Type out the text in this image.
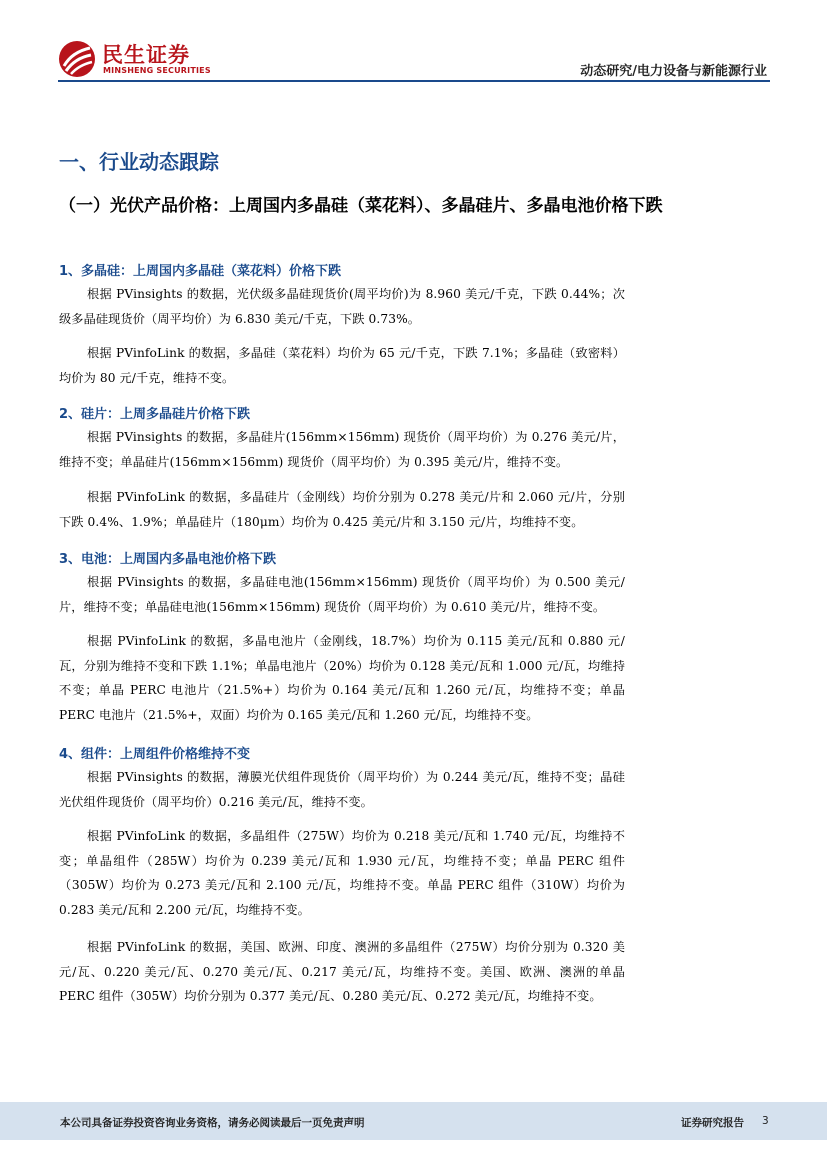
民生证券
MINSHENG SECURITIES	动态研究/电力设备与新能源行业
一、行业动态跟踪
（一）光伏产品价格：上周国内多晶硅（菜花料）、多晶硅片、多晶电池价格下跌
1、多晶硅：上周国内多晶硅（菜花料）价格下跌
根据 PVinsights 的数据，光伏级多晶硅现货价(周平均价)为 8.960 美元/千克，下跌 0.44%；次级多晶硅现货价（周平均价）为 6.830 美元/千克，下跌 0.73%。
根据 PVinfoLink 的数据，多晶硅（菜花料）均价为 65 元/千克，下跌 7.1%；多晶硅（致密料）均价为 80 元/千克，维持不变。
2、硅片：上周多晶硅片价格下跌
根据 PVinsights 的数据，多晶硅片(156mm×156mm) 现货价（周平均价）为 0.276 美元/片，维持不变；单晶硅片(156mm×156mm) 现货价（周平均价）为 0.395 美元/片，维持不变。
根据 PVinfoLink 的数据，多晶硅片（金刚线）均价分别为 0.278 美元/片和 2.060 元/片，分别下跌 0.4%、1.9%；单晶硅片（180μm）均价为 0.425 美元/片和 3.150 元/片，均维持不变。
3、电池：上周国内多晶电池价格下跌
根据 PVinsights 的数据，多晶硅电池(156mm×156mm) 现货价（周平均价）为 0.500 美元/片，维持不变；单晶硅电池(156mm×156mm) 现货价（周平均价）为 0.610 美元/片，维持不变。
根据 PVinfoLink 的数据，多晶电池片（金刚线，18.7%）均价为 0.115 美元/瓦和 0.880 元/瓦，分别为维持不变和下跌 1.1%；单晶电池片（20%）均价为 0.128 美元/瓦和 1.000 元/瓦，均维持不变；单晶 PERC 电池片（21.5%+）均价为 0.164 美元/瓦和 1.260 元/瓦，均维持不变；单晶 PERC 电池片（21.5%+，双面）均价为 0.165 美元/瓦和 1.260 元/瓦，均维持不变。
4、组件：上周组件价格维持不变
根据 PVinsights 的数据，薄膜光伏组件现货价（周平均价）为 0.244 美元/瓦，维持不变；晶硅光伏组件现货价（周平均价）0.216 美元/瓦，维持不变。
根据 PVinfoLink 的数据，多晶组件（275W）均价为 0.218 美元/瓦和 1.740 元/瓦，均维持不变；单晶组件（285W）均价为 0.239 美元/瓦和 1.930 元/瓦，均维持不变；单晶 PERC 组件（305W）均价为 0.273 美元/瓦和 2.100 元/瓦，均维持不变。单晶 PERC 组件（310W）均价为 0.283 美元/瓦和 2.200 元/瓦，均维持不变。
根据 PVinfoLink 的数据，美国、欧洲、印度、澳洲的多晶组件（275W）均价分别为 0.320 美元/瓦、0.220 美元/瓦、0.270 美元/瓦、0.217 美元/瓦，均维持不变。美国、欧洲、澳洲的单晶 PERC 组件（305W）均价分别为 0.377 美元/瓦、0.280 美元/瓦、0.272 美元/瓦，均维持不变。
本公司具备证券投资咨询业务资格，请务必阅读最后一页免责声明	证券研究报告 3
